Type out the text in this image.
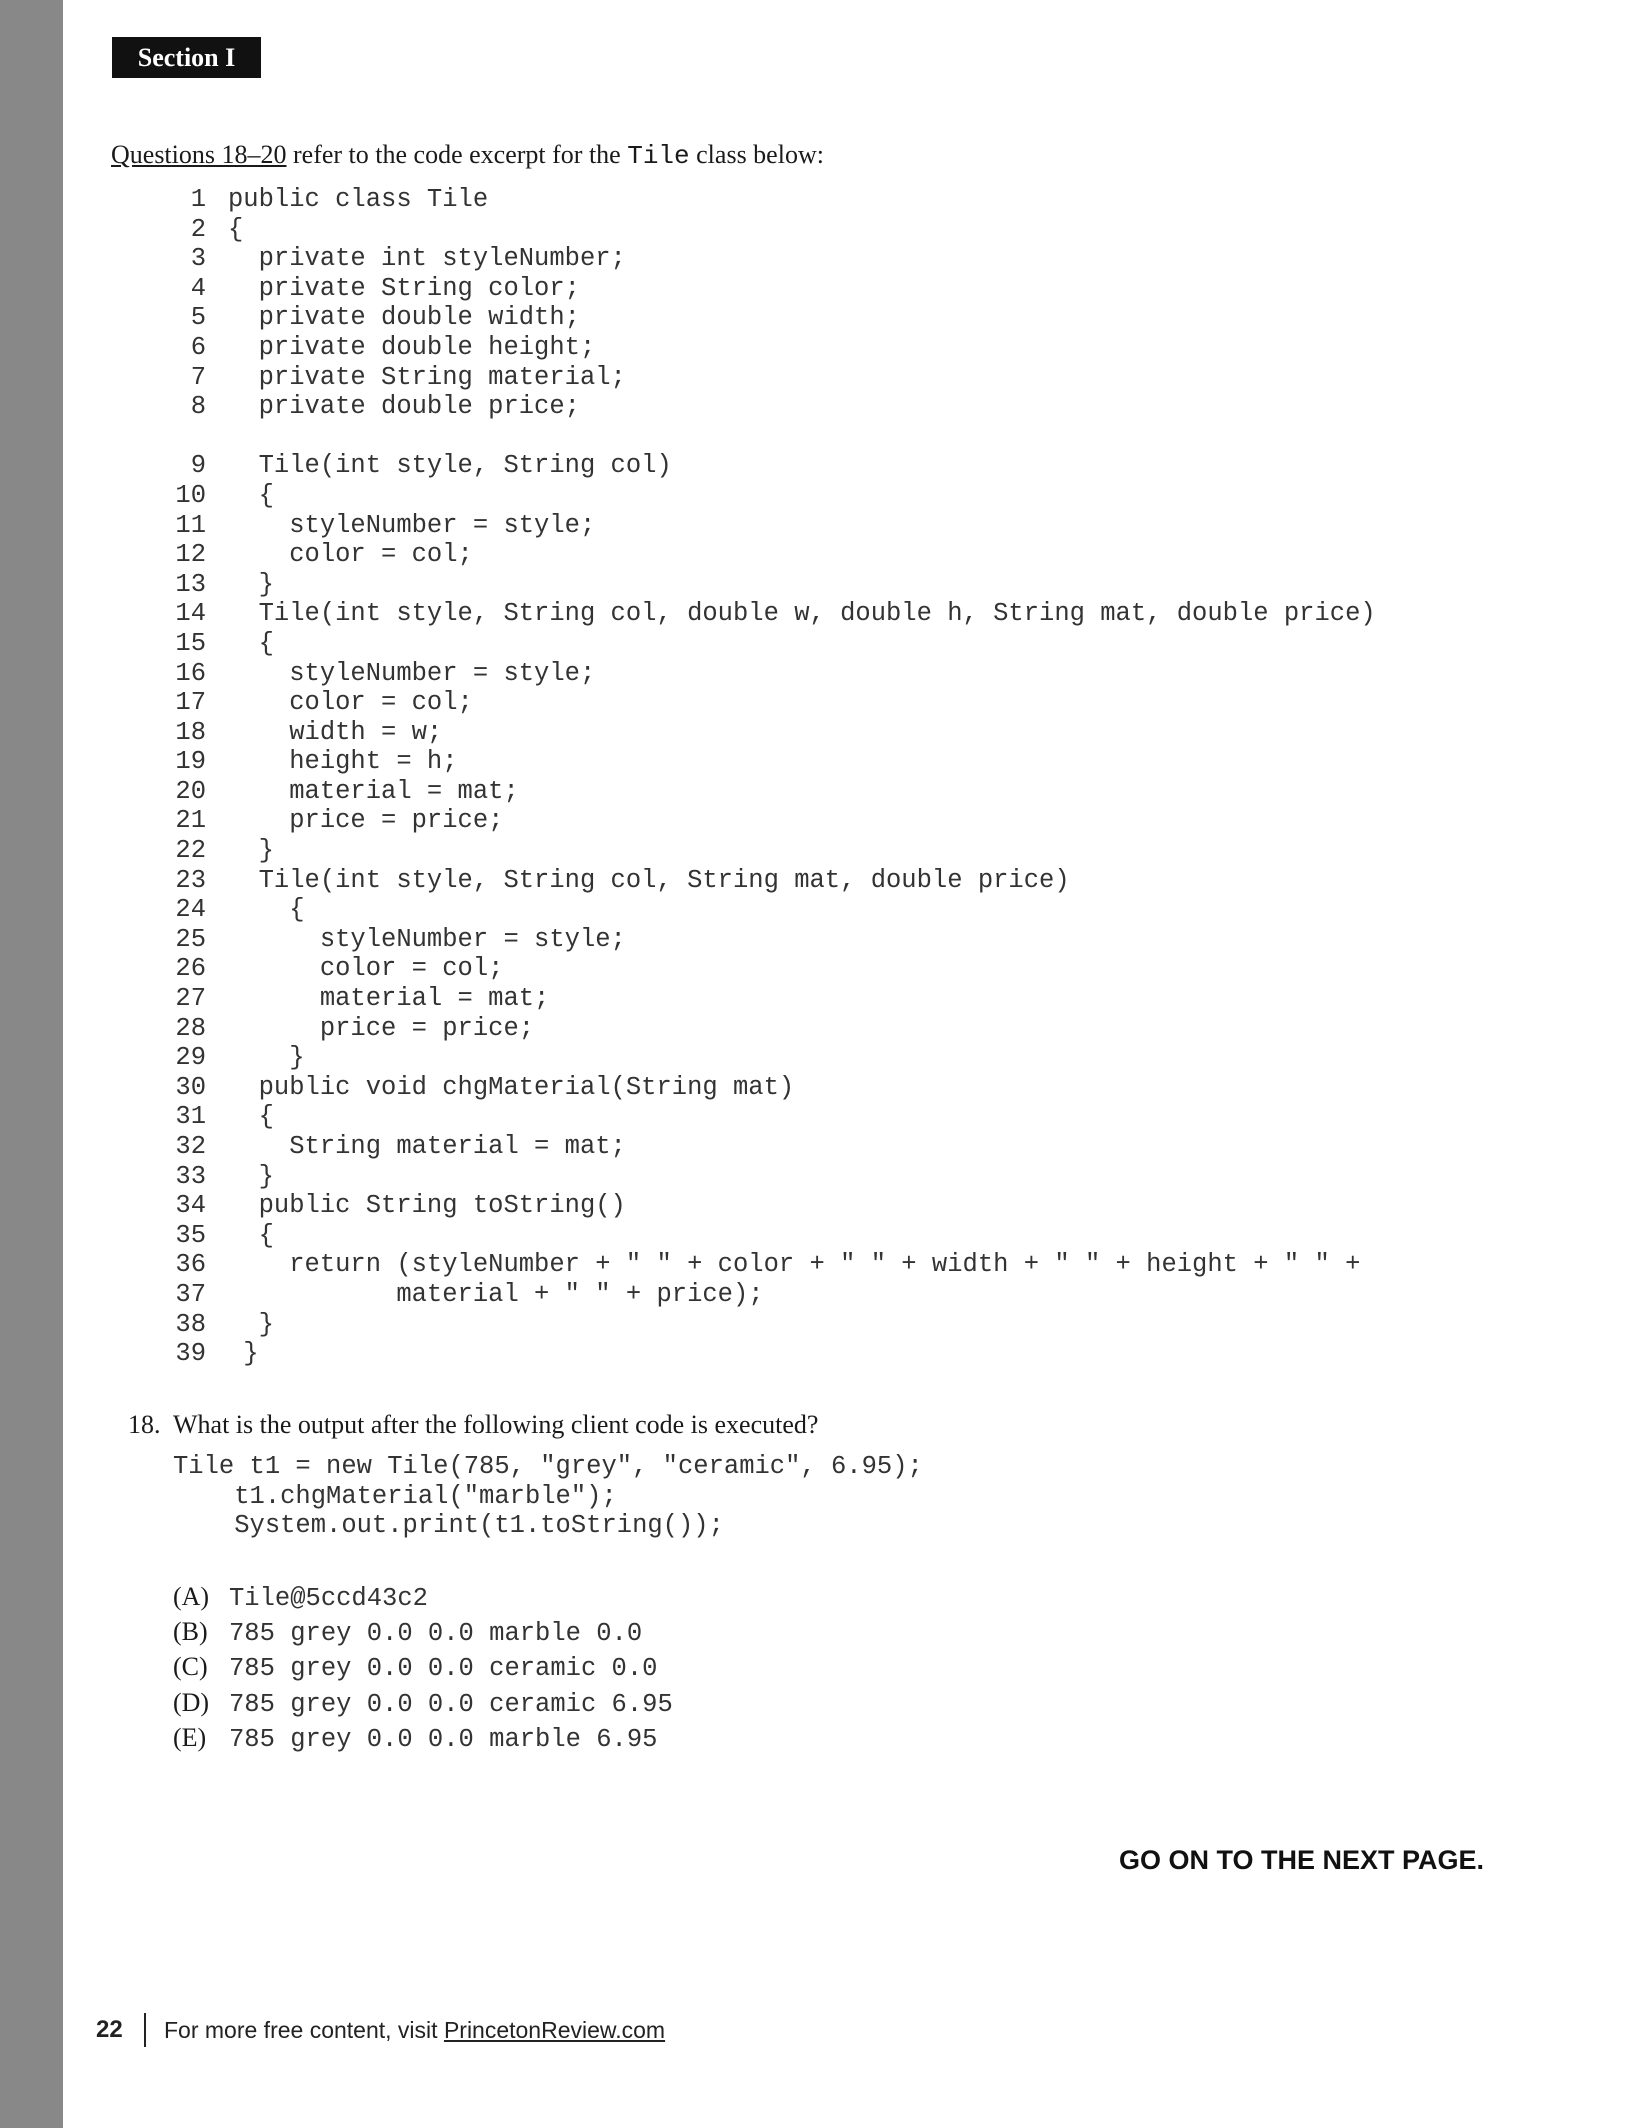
Section I
Questions 18–20 refer to the code excerpt for the Tile class below:
1 public class Tile
2 {
3 private int styleNumber;
4 private String color;
5 private double width;
6 private double height;
7 private String material;
8 private double price;
9 Tile(int style, String col)
10 {
11 styleNumber = style;
12 color = col;
13 }
14 Tile(int style, String col, double w, double h, String mat, double price)
15 {
16 styleNumber = style;
17 color = col;
18 width = w;
19 height = h;
20 material = mat;
21 price = price;
22 }
23 Tile(int style, String col, String mat, double price)
24 {
25 styleNumber = style;
26 color = col;
27 material = mat;
28 price = price;
29 }
30 public void chgMaterial(String mat)
31 {
32 String material = mat;
33 }
34 public String toString()
35 {
36 return (styleNumber + " " + color + " " + width + " " + height + " " +
37 material + " " + price);
38 }
39 }
18. What is the output after the following client code is executed?
Tile t1 = new Tile(785, "grey", "ceramic", 6.95);
t1.chgMaterial("marble");
System.out.print(t1.toString());
(A) Tile@5ccd43c2
(B) 785 grey 0.0 0.0 marble 0.0
(C) 785 grey 0.0 0.0 ceramic 0.0
(D) 785 grey 0.0 0.0 ceramic 6.95
(E) 785 grey 0.0 0.0 marble 6.95
GO ON TO THE NEXT PAGE.
22	For more free content, visit PrincetonReview.com
